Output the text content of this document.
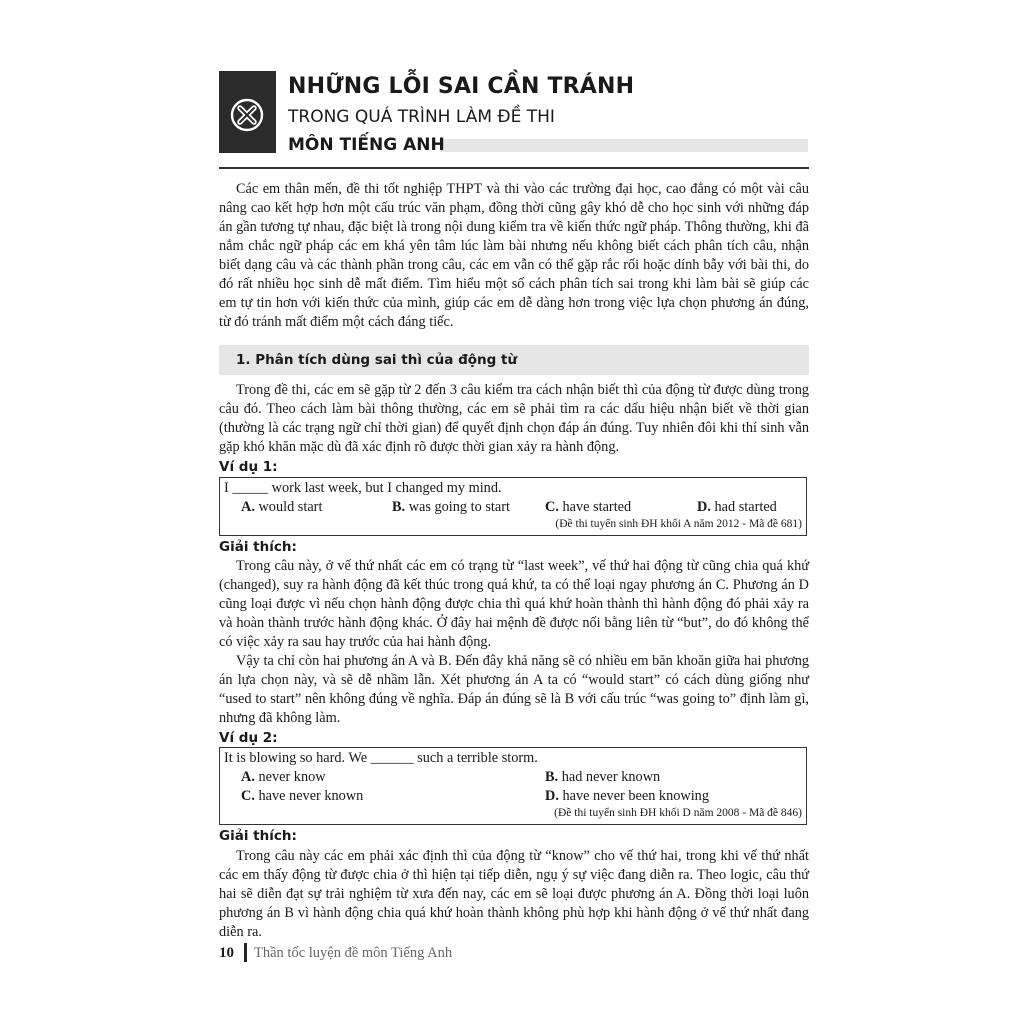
NHỮNG LỖI SAI CẦN TRÁNH
TRONG QUÁ TRÌNH LÀM ĐỀ THI
MÔN TIẾNG ANH

Các em thân mến, đề thi tốt nghiệp THPT và thi vào các trường đại học, cao đẳng có một vài câu nâng cao kết hợp hơn một cấu trúc văn phạm, đồng thời cũng gây khó dễ cho học sinh với những đáp án gần tương tự nhau, đặc biệt là trong nội dung kiểm tra về kiến thức ngữ pháp. Thông thường, khi đã nắm chắc ngữ pháp các em khá yên tâm lúc làm bài nhưng nếu không biết cách phân tích câu, nhận biết dạng câu và các thành phần trong câu, các em vẫn có thể gặp rắc rối hoặc dính bẫy với bài thi, do đó rất nhiều học sinh dễ mất điểm. Tìm hiểu một số cách phân tích sai trong khi làm bài sẽ giúp các em tự tin hơn với kiến thức của mình, giúp các em dễ dàng hơn trong việc lựa chọn phương án đúng, từ đó tránh mất điểm một cách đáng tiếc.

1. Phân tích dùng sai thì của động từ

Trong đề thi, các em sẽ gặp từ 2 đến 3 câu kiểm tra cách nhận biết thì của động từ được dùng trong câu đó. Theo cách làm bài thông thường, các em sẽ phải tìm ra các dấu hiệu nhận biết về thời gian (thường là các trạng ngữ chỉ thời gian) để quyết định chọn đáp án đúng. Tuy nhiên đôi khi thí sinh vẫn gặp khó khăn mặc dù đã xác định rõ được thời gian xảy ra hành động.

Ví dụ 1:
I _____ work last week, but I changed my mind.
A. would start	B. was going to start C. have started	D. had started
(Đề thi tuyển sinh ĐH khối A năm 2012 - Mã đề 681)
Giải thích:

Trong câu này, ở vế thứ nhất các em có trạng từ “last week”, vế thứ hai động từ cũng chia quá khứ (changed), suy ra hành động đã kết thúc trong quá khứ, ta có thể loại ngay phương án C. Phương án D cũng loại được vì nếu chọn hành động được chia thì quá khứ hoàn thành thì hành động đó phải xảy ra và hoàn thành trước hành động khác. Ở đây hai mệnh đề được nối bằng liên từ “but”, do đó không thể có việc xảy ra sau hay trước của hai hành động.

Vậy ta chỉ còn hai phương án A và B. Đến đây khả năng sẽ có nhiều em băn khoăn giữa hai phương án lựa chọn này, và sẽ dễ nhầm lẫn. Xét phương án A ta có “would start” có cách dùng giống như “used to start” nên không đúng về nghĩa. Đáp án đúng sẽ là B với cấu trúc “was going to” định làm gì, nhưng đã không làm.

Ví dụ 2:
It is blowing so hard. We ______ such a terrible storm.
A. never know	B. had never known
C. have never known	D. have never been knowing
(Đề thi tuyển sinh ĐH khối D năm 2008 - Mã đề 846)
Giải thích:

Trong câu này các em phải xác định thì của động từ “know” cho vế thứ hai, trong khi vế thứ nhất các em thấy động từ được chia ở thì hiện tại tiếp diễn, ngụ ý sự việc đang diễn ra. Theo logic, câu thứ hai sẽ diễn đạt sự trải nghiệm từ xưa đến nay, các em sẽ loại được phương án A. Đồng thời loại luôn phương án B vì hành động chia quá khứ hoàn thành không phù hợp khi hành động ở vế thứ nhất đang diễn ra.

10 Thần tốc luyện đề môn Tiếng Anh
